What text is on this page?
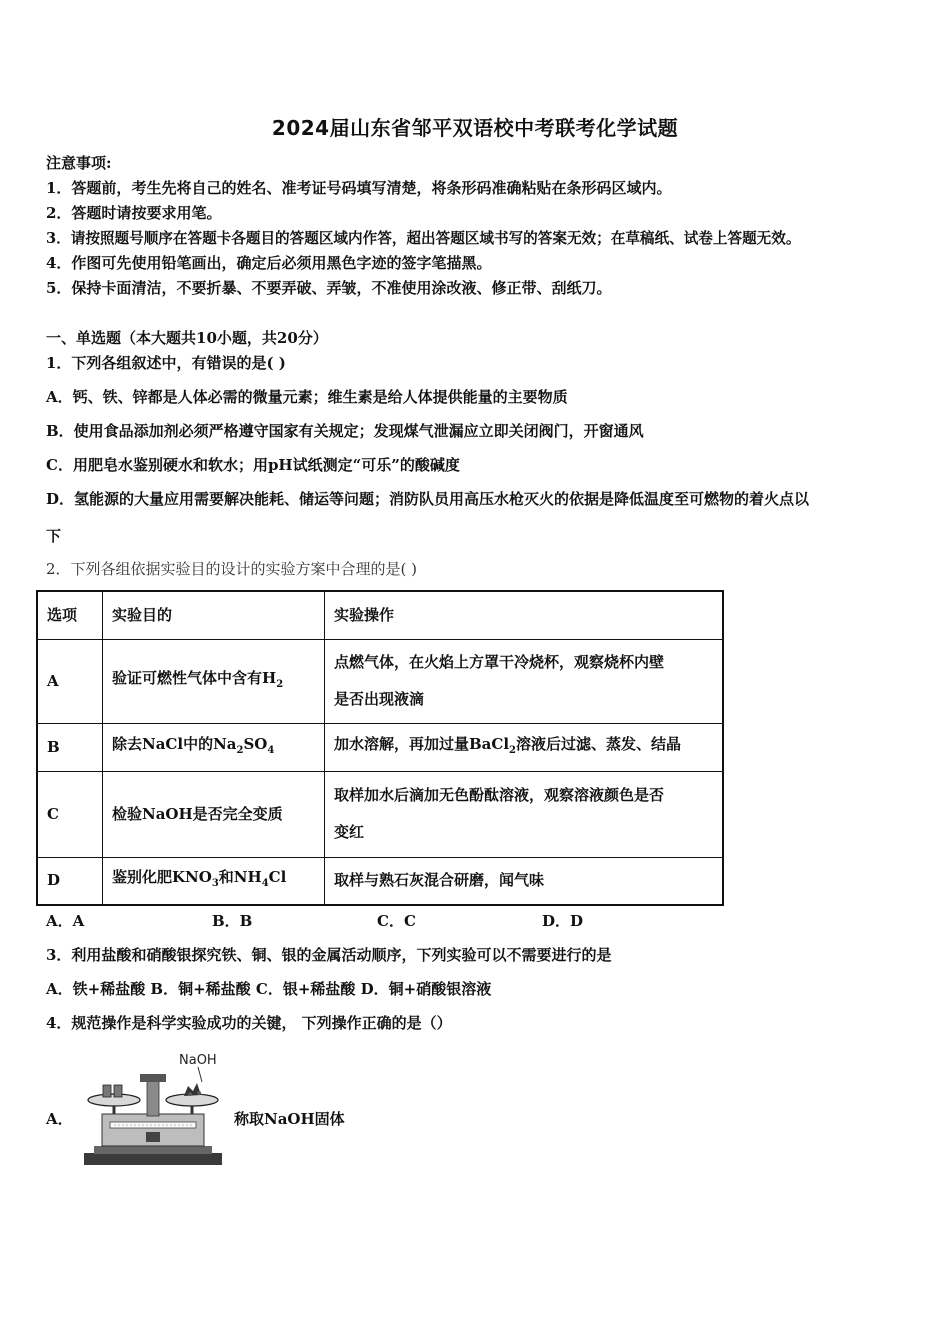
2024届山东省邹平双语校中考联考化学试题
注意事项:
1．答题前，考生先将自己的姓名、准考证号码填写清楚，将条形码准确粘贴在条形码区域内。
2．答题时请按要求用笔。
3．请按照题号顺序在答题卡各题目的答题区域内作答，超出答题区域书写的答案无效；在草稿纸、试卷上答题无效。
4．作图可先使用铅笔画出，确定后必须用黑色字迹的签字笔描黑。
5．保持卡面清洁，不要折暴、不要弄破、弄皱，不准使用涂改液、修正带、刮纸刀。
一、单选题（本大题共10小题，共20分）
1．下列各组叙述中，有错误的是( )
A．钙、铁、锌都是人体必需的微量元素；维生素是给人体提供能量的主要物质
B．使用食品添加剂必须严格遵守国家有关规定；发现煤气泄漏应立即关闭阀门，开窗通风
C．用肥皂水鉴别硬水和软水；用pH试纸测定“可乐”的酸碱度
D．氢能源的大量应用需要解决能耗、储运等问题；消防队员用高压水枪灭火的依据是降低温度至可燃物的着火点以
下
2．下列各组依据实验目的设计的实验方案中合理的是( )
选项	实验目的	实验操作
A	验证可燃性气体中含有$H_2$	点燃气体，在火焰上方罩干冷烧杯，观察烧杯内壁
是否出现液滴

B	除去NaCl中的$Na_2SO_4$	加水溶解，再加过量BaCl$_2$溶液后过滤、蒸发、结晶
C	检验NaOH是否完全变质	取样加水后滴加无色酚酞溶液，观察溶液颜色是否
变红

D	鉴别化肥$KNO_3$和$NH_4Cl$	取样与熟石灰混合研磨，闻气味
A．A	B．B	C．C	D．D
3．利用盐酸和硝酸银探究铁、铜、银的金属活动顺序，下列实验可以不需要进行的是
A．铁+稀盐酸 B．铜+稀盐酸 C．银+稀盐酸 D．铜+硝酸银溶液
4．规范操作是科学实验成功的关键， 下列操作正确的是（）
A．
NaOH
称取NaOH固体
